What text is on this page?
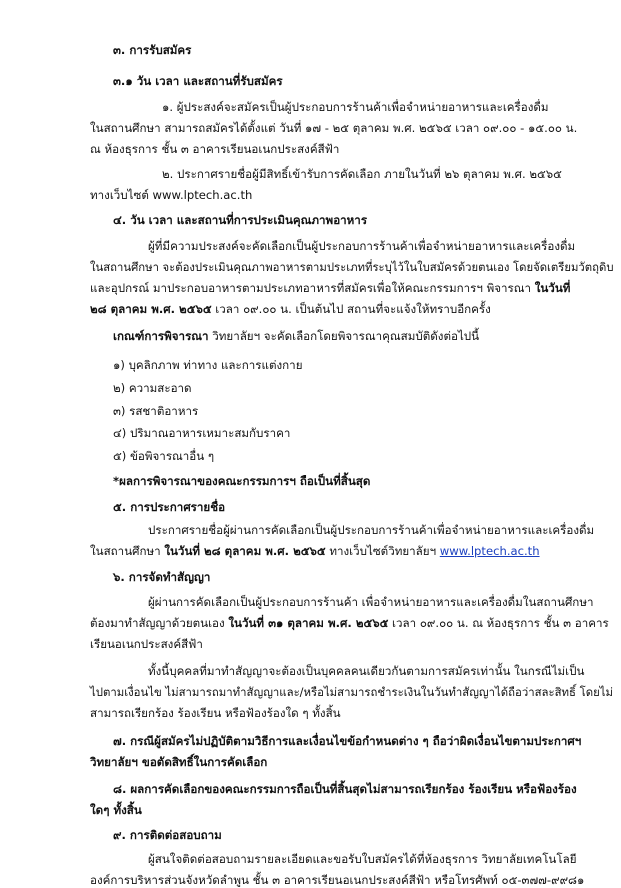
๓. การรับสมัคร
๓.๑ วัน เวลา และสถานที่รับสมัคร
๑. ผู้ประสงค์จะสมัครเป็นผู้ประกอบการร้านค้าเพื่อจำหน่ายอาหารและเครื่องดื่ม
ในสถานศึกษา สามารถสมัครได้ตั้งแต่ วันที่ ๑๗ - ๒๕ ตุลาคม พ.ศ. ๒๕๖๕ เวลา ๐๙.๐๐ - ๑๕.๐๐ น.
ณ ห้องธุรการ ชั้น ๓ อาคารเรียนอเนกประสงค์สีฟ้า
๒. ประกาศรายชื่อผู้มีสิทธิ์เข้ารับการคัดเลือก ภายในวันที่ ๒๖ ตุลาคม พ.ศ. ๒๕๖๕
ทางเว็บไซต์ www.lptech.ac.th
๔. วัน เวลา และสถานที่การประเมินคุณภาพอาหาร
ผู้ที่มีความประสงค์จะคัดเลือกเป็นผู้ประกอบการร้านค้าเพื่อจำหน่ายอาหารและเครื่องดื่ม
ในสถานศึกษา จะต้องประเมินคุณภาพอาหารตามประเภทที่ระบุไว้ในใบสมัครด้วยตนเอง โดยจัดเตรียมวัตถุดิบ
และอุปกรณ์ มาประกอบอาหารตามประเภทอาหารที่สมัครเพื่อให้คณะกรรมการฯ พิจารณา ในวันที่
๒๘ ตุลาคม พ.ศ. ๒๕๖๕ เวลา ๐๙.๐๐ น. เป็นต้นไป สถานที่จะแจ้งให้ทราบอีกครั้ง
เกณฑ์การพิจารณา วิทยาลัยฯ จะคัดเลือกโดยพิจารณาคุณสมบัติดังต่อไปนี้
๑) บุคลิกภาพ ท่าทาง และการแต่งกาย
๒) ความสะอาด
๓) รสชาติอาหาร
๔) ปริมาณอาหารเหมาะสมกับราคา
๕) ข้อพิจารณาอื่น ๆ
*ผลการพิจารณาของคณะกรรมการฯ ถือเป็นที่สิ้นสุด
๕. การประกาศรายชื่อ
ประกาศรายชื่อผู้ผ่านการคัดเลือกเป็นผู้ประกอบการร้านค้าเพื่อจำหน่ายอาหารและเครื่องดื่ม
ในสถานศึกษา ในวันที่ ๒๘ ตุลาคม พ.ศ. ๒๕๖๕ ทางเว็บไซต์วิทยาลัยฯ www.lptech.ac.th
๖. การจัดทำสัญญา
ผู้ผ่านการคัดเลือกเป็นผู้ประกอบการร้านค้า เพื่อจำหน่ายอาหารและเครื่องดื่มในสถานศึกษา
ต้องมาทำสัญญาด้วยตนเอง ในวันที่ ๓๑ ตุลาคม พ.ศ. ๒๕๖๕ เวลา ๐๙.๐๐ น. ณ ห้องธุรการ ชั้น ๓ อาคาร
เรียนอเนกประสงค์สีฟ้า
ทั้งนี้บุคคลที่มาทำสัญญาจะต้องเป็นบุคคลคนเดียวกันตามการสมัครเท่านั้น ในกรณีไม่เป็น
ไปตามเงื่อนไข ไม่สามารถมาทำสัญญาและ/หรือไม่สามารถชำระเงินในวันทำสัญญาได้ถือว่าสละสิทธิ์ โดยไม่
สามารถเรียกร้อง ร้องเรียน หรือฟ้องร้องใด ๆ ทั้งสิ้น
๗. กรณีผู้สมัครไม่ปฏิบัติตามวิธีการและเงื่อนไขข้อกำหนดต่าง ๆ ถือว่าผิดเงื่อนไขตามประกาศฯ
วิทยาลัยฯ ขอตัดสิทธิ์ในการคัดเลือก
๘. ผลการคัดเลือกของคณะกรรมการถือเป็นที่สิ้นสุดไม่สามารถเรียกร้อง ร้องเรียน หรือฟ้องร้อง
ใดๆ ทั้งสิ้น
๙. การติดต่อสอบถาม
ผู้สนใจติดต่อสอบถามรายละเอียดและขอรับใบสมัครได้ที่ห้องธุรการ วิทยาลัยเทคโนโลยี
องค์การบริหารส่วนจังหวัดลำพูน ชั้น ๓ อาคารเรียนอเนกประสงค์สีฟ้า หรือโทรศัพท์ ๐๕-๓๗๗-๙๙๘๑
